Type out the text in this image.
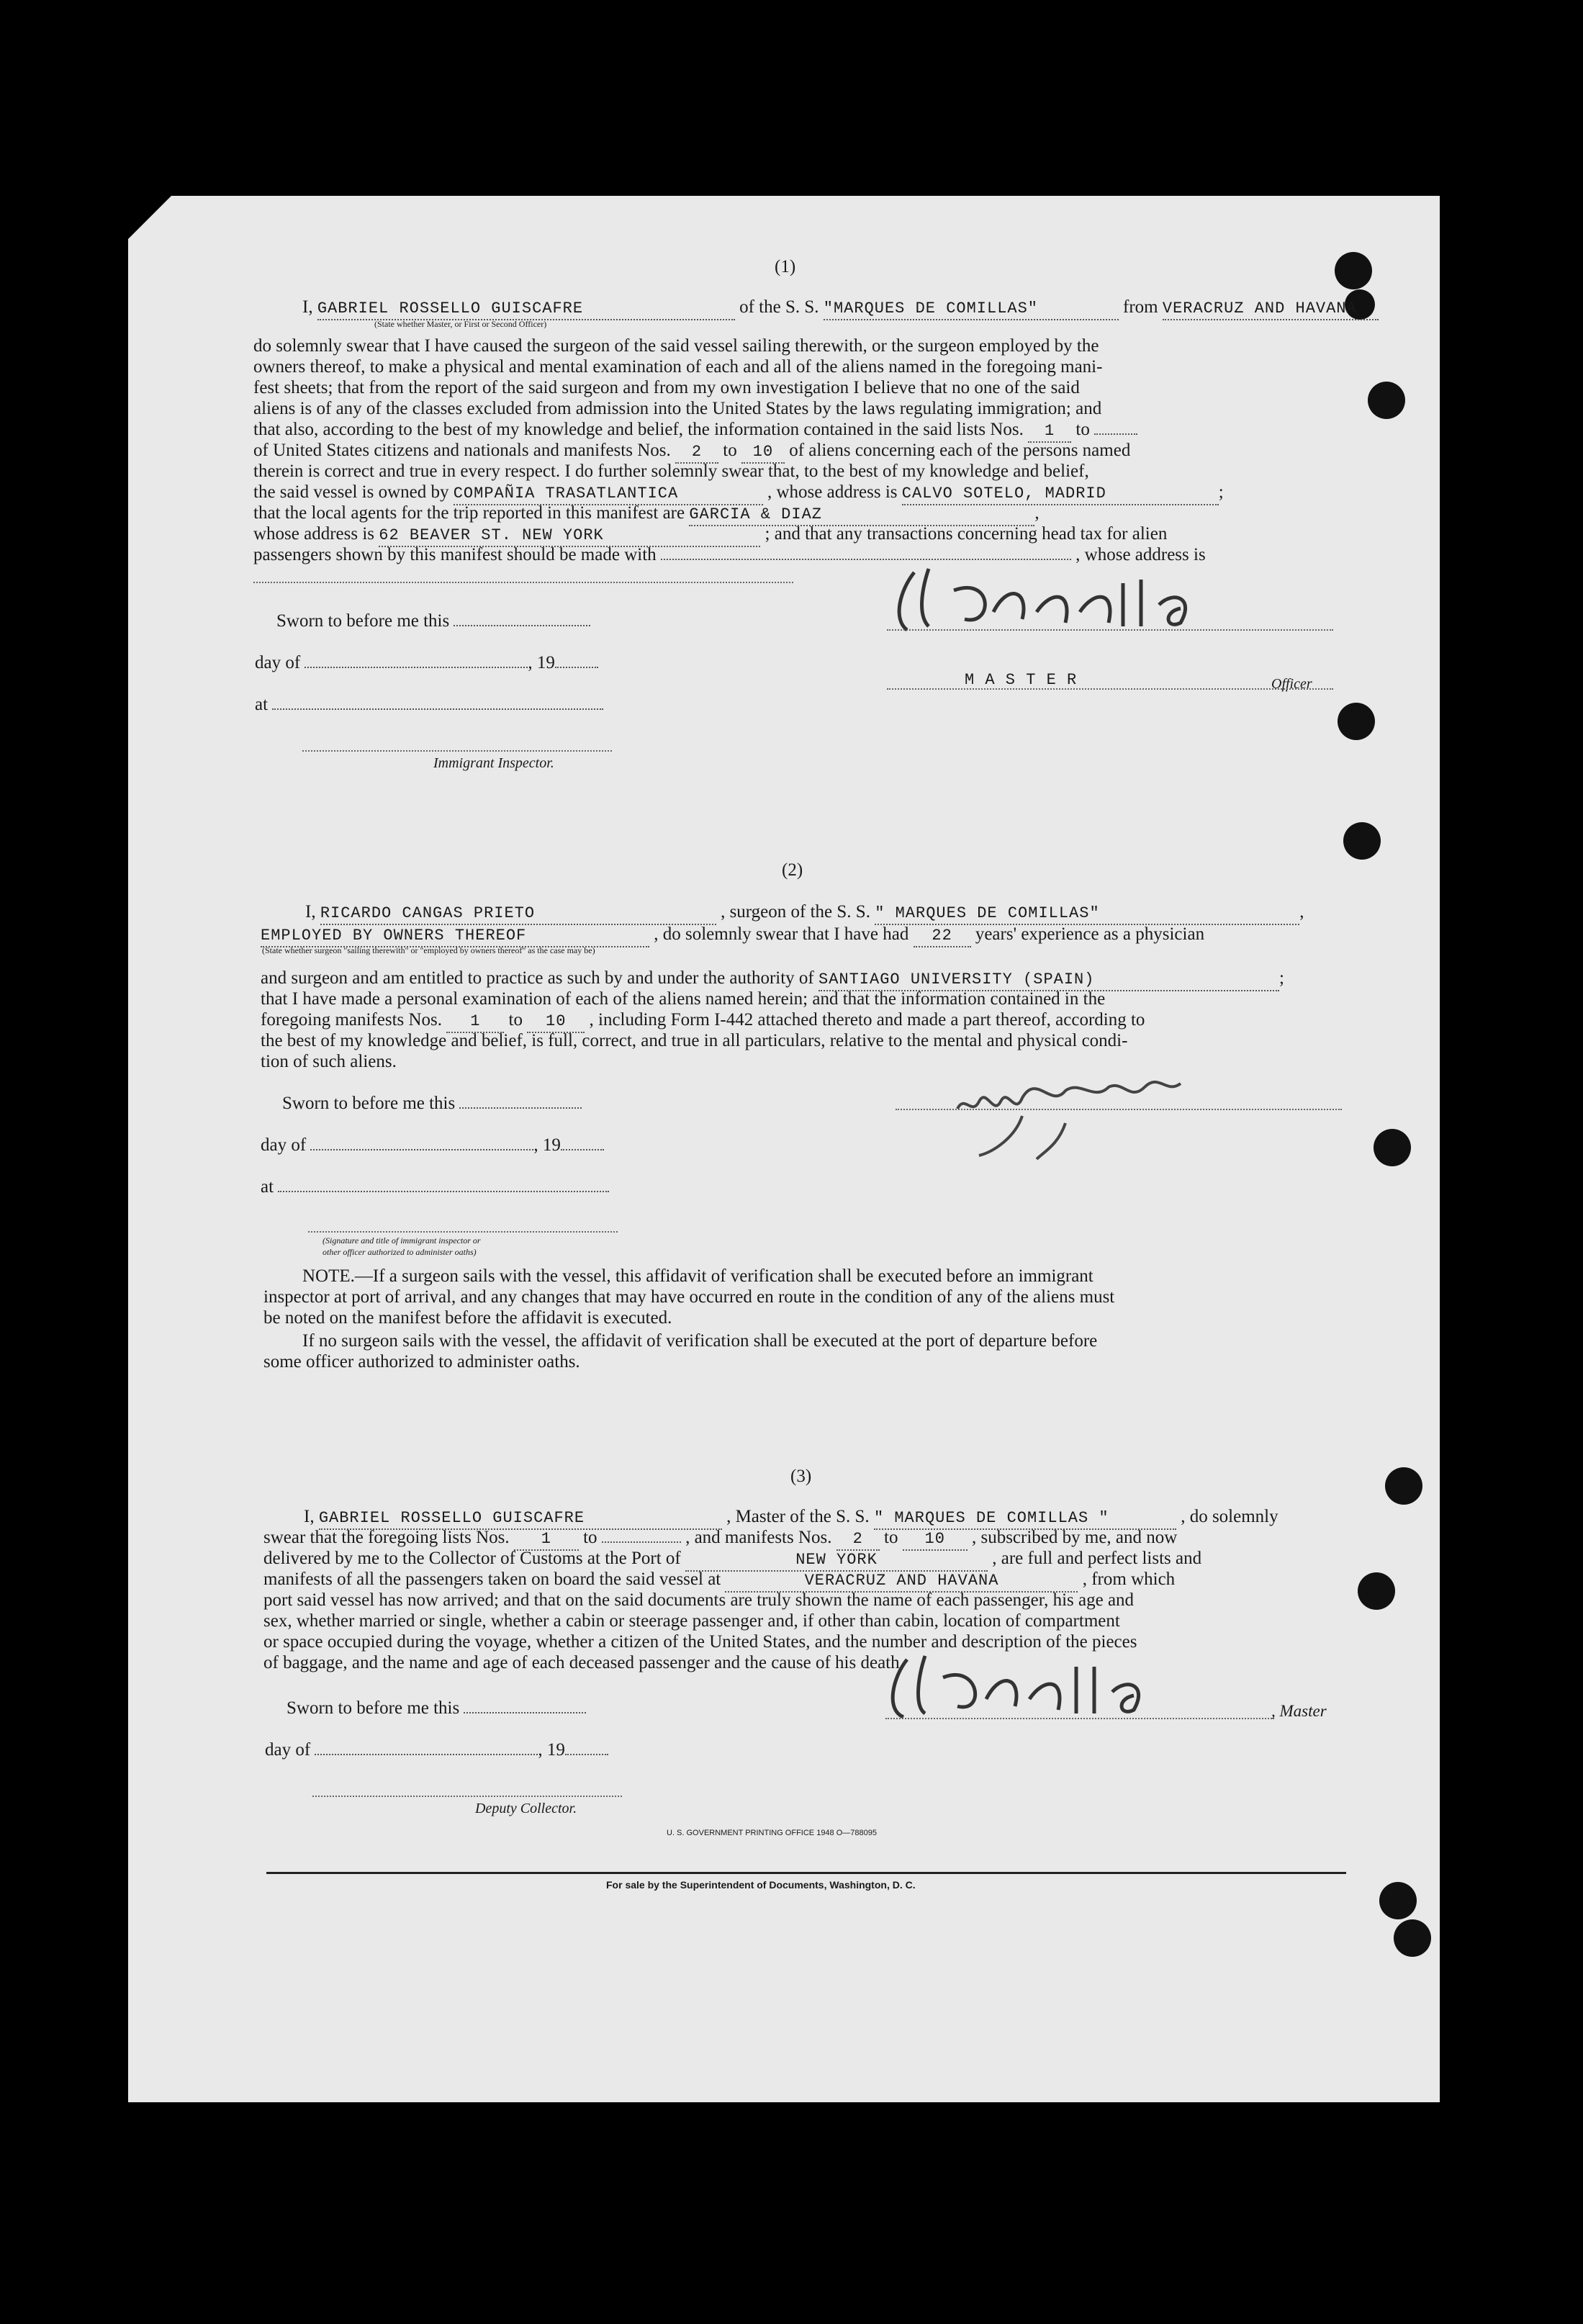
(1)
I, GABRIEL ROSSELLO GUISCAFRE	of the S. S. "MARQUES DE COMILLAS"	from VERACRUZ AND HAVANA
(State whether Master, or First or Second Officer)
do solemnly swear that I have caused the surgeon of the said vessel sailing therewith, or the surgeon employed by the
owners thereof, to make a physical and mental examination of each and all of the aliens named in the foregoing mani-
fest sheets; that from the report of the said surgeon and from my own investigation I believe that no one of the said
aliens is of any of the classes excluded from admission into the United States by the laws regulating immigration; and
that also, according to the best of my knowledge and belief, the information contained in the said lists Nos. 1 to
of United States citizens and nationals and manifests Nos. 2 to 10 of aliens concerning each of the persons named
therein is correct and true in every respect. I do further solemnly swear that, to the best of my knowledge and belief,
the said vessel is owned by COMPAÑIA TRASATLANTICA	, whose address is CALVO SOTELO, MADRID	;
that the local agents for the trip reported in this manifest are GARCIA & DIAZ	,
whose address is 62 BEAVER ST. NEW YORK	; and that any transactions concerning head tax for alien
passengers shown by this manifest should be made with	, whose address is
Sworn to before me this
day of	, 19
at
Immigrant Inspector.
M A S T E R	Officer
(2)
I, RICARDO CANGAS PRIETO	, surgeon of the S. S. " MARQUES DE COMILLAS"	,
EMPLOYED BY OWNERS THEREOF	, do solemnly swear that I have had 22 years' experience as a physician
(State whether surgeon "sailing therewith" or "employed by owners thereof" as the case may be)
and surgeon and am entitled to practice as such by and under the authority of SANTIAGO UNIVERSITY (SPAIN)	;
that I have made a personal examination of each of the aliens named herein; and that the information contained in the
foregoing manifests Nos. 1 to 10 , including Form I-442 attached thereto and made a part thereof, according to
the best of my knowledge and belief, is full, correct, and true in all particulars, relative to the mental and physical condi-
tion of such aliens.
Sworn to before me this
day of	, 19
at
(Signature and title of immigrant inspector or
other officer authorized to administer oaths)
NOTE.—If a surgeon sails with the vessel, this affidavit of verification shall be executed before an immigrant
inspector at port of arrival, and any changes that may have occurred en route in the condition of any of the aliens must
be noted on the manifest before the affidavit is executed.
If no surgeon sails with the vessel, the affidavit of verification shall be executed at the port of departure before
some officer authorized to administer oaths.
(3)
I, GABRIEL ROSSELLO GUISCAFRE	, Master of the S. S. " MARQUES DE COMILLAS "	, do solemnly
swear that the foregoing lists Nos. 1 to	, and manifests Nos. 2 to 10 , subscribed by me, and now
delivered by me to the Collector of Customs at the Port of	NEW YORK	, are full and perfect lists and
manifests of all the passengers taken on board the said vessel at	VERACRUZ AND HAVANA	, from which
port said vessel has now arrived; and that on the said documents are truly shown the name of each passenger, his age and
sex, whether married or single, whether a cabin or steerage passenger and, if other than cabin, location of compartment
or space occupied during the voyage, whether a citizen of the United States, and the number and description of the pieces
of baggage, and the name and age of each deceased passenger and the cause of his death.
Sworn to before me this
day of	, 19
Deputy Collector.
, Master
U. S. GOVERNMENT PRINTING OFFICE 1948 O—788095
For sale by the Superintendent of Documents, Washington, D. C.
